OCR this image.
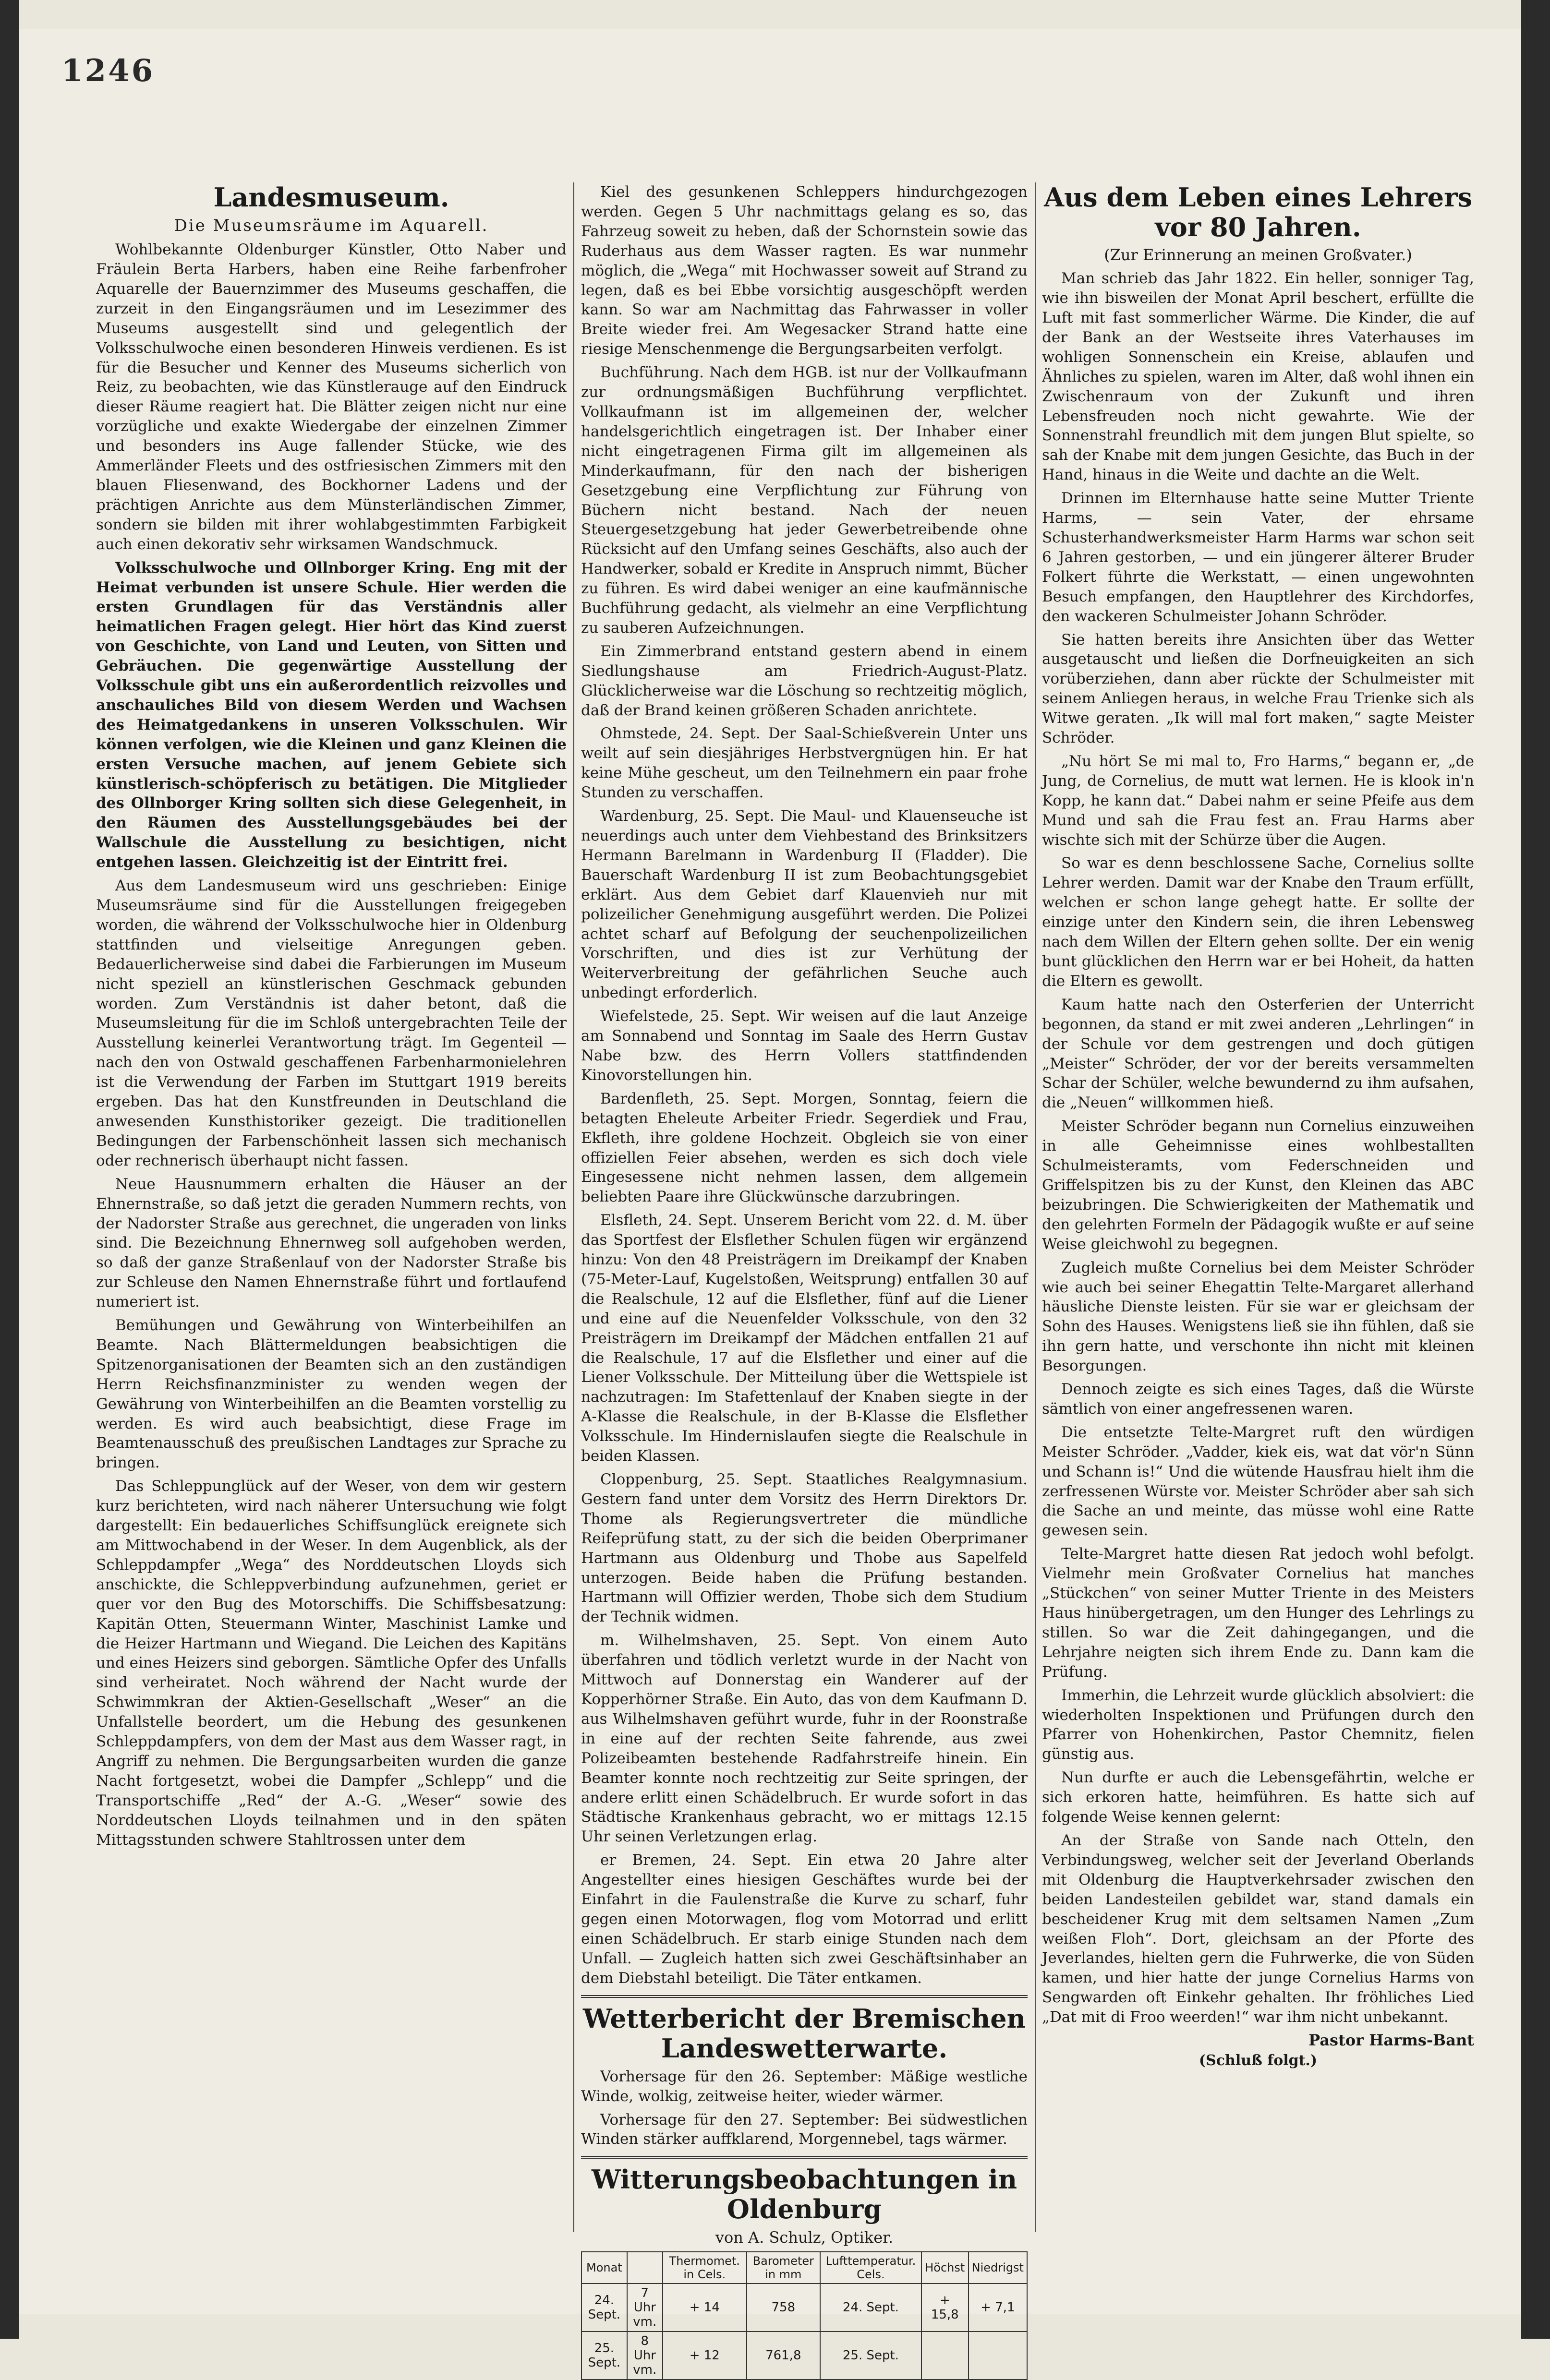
1246
Landesmuseum.
Die Museumsräume im Aquarell.

Wohlbekannte Oldenburger Künstler, Otto Naber und Fräulein Berta Harbers, haben eine Reihe farbenfroher Aquarelle der Bauernzimmer des Museums geschaffen, die zurzeit in den Eingangsräumen und im Lesezimmer des Museums ausgestellt sind und gelegentlich der Volksschulwoche einen besonderen Hinweis verdienen. Es ist für die Besucher und Kenner des Museums sicherlich von Reiz, zu beobachten, wie das Künstlerauge auf den Eindruck dieser Räume reagiert hat. Die Blätter zeigen nicht nur eine vorzügliche und exakte Wiedergabe der einzelnen Zimmer und besonders ins Auge fallender Stücke, wie des Ammerländer Fleets und des ostfriesischen Zimmers mit den blauen Fliesenwand, des Bockhorner Ladens und der prächtigen Anrichte aus dem Münsterländischen Zimmer, sondern sie bilden mit ihrer wohlabgestimmten Farbigkeit auch einen dekorativ sehr wirksamen Wandschmuck.

Volksschulwoche und Ollnborger Kring. Eng mit der Heimat verbunden ist unsere Schule. Hier werden die ersten Grundlagen für das Verständnis aller heimatlichen Fragen gelegt. Hier hört das Kind zuerst von Geschichte, von Land und Leuten, von Sitten und Gebräuchen. Die gegenwärtige Ausstellung der Volksschule gibt uns ein außerordentlich reizvolles und anschauliches Bild von diesem Werden und Wachsen des Heimatgedankens in unseren Volksschulen. Wir können verfolgen, wie die Kleinen und ganz Kleinen die ersten Versuche machen, auf jenem Gebiete sich künstlerisch-schöpferisch zu betätigen. Die Mitglieder des Ollnborger Kring sollten sich diese Gelegenheit, in den Räumen des Ausstellungsgebäudes bei der Wallschule die Ausstellung zu besichtigen, nicht entgehen lassen. Gleichzeitig ist der Eintritt frei.

Aus dem Landesmuseum wird uns geschrieben: Einige Museumsräume sind für die Ausstellungen freigegeben worden, die während der Volksschulwoche hier in Oldenburg stattfinden und vielseitige Anregungen geben. Bedauerlicherweise sind dabei die Farbierungen im Museum nicht speziell an künstlerischen Geschmack gebunden worden. Zum Verständnis ist daher betont, daß die Museumsleitung für die im Schloß untergebrachten Teile der Ausstellung keinerlei Verantwortung trägt. Im Gegenteil — nach den von Ostwald geschaffenen Farbenharmonielehren ist die Verwendung der Farben im Stuttgart 1919 bereits ergeben. Das hat den Kunstfreunden in Deutschland die anwesenden Kunsthistoriker gezeigt. Die traditionellen Bedingungen der Farbenschönheit lassen sich mechanisch oder rechnerisch überhaupt nicht fassen.

Neue Hausnummern erhalten die Häuser an der Ehnernstraße, so daß jetzt die geraden Nummern rechts, von der Nadorster Straße aus gerechnet, die ungeraden von links sind. Die Bezeichnung Ehnernweg soll aufgehoben werden, so daß der ganze Straßenlauf von der Nadorster Straße bis zur Schleuse den Namen Ehnernstraße führt und fortlaufend numeriert ist.

Bemühungen und Gewährung von Winterbeihilfen an Beamte. Nach Blättermeldungen beabsichtigen die Spitzenorganisationen der Beamten sich an den zuständigen Herrn Reichsfinanzminister zu wenden wegen der Gewährung von Winterbeihilfen an die Beamten vorstellig zu werden. Es wird auch beabsichtigt, diese Frage im Beamtenausschuß des preußischen Landtages zur Sprache zu bringen.

Das Schleppunglück auf der Weser, von dem wir gestern kurz berichteten, wird nach näherer Untersuchung wie folgt dargestellt: Ein bedauerliches Schiffsunglück ereignete sich am Mittwochabend in der Weser. In dem Augenblick, als der Schleppdampfer „Wega“ des Norddeutschen Lloyds sich anschickte, die Schleppverbindung aufzunehmen, geriet er quer vor den Bug des Motorschiffs. Die Schiffsbesatzung: Kapitän Otten, Steuermann Winter, Maschinist Lamke und die Heizer Hartmann und Wiegand. Die Leichen des Kapitäns und eines Heizers sind geborgen. Sämtliche Opfer des Unfalls sind verheiratet. Noch während der Nacht wurde der Schwimmkran der Aktien-Gesellschaft „Weser“ an die Unfallstelle beordert, um die Hebung des gesunkenen Schleppdampfers, von dem der Mast aus dem Wasser ragt, in Angriff zu nehmen. Die Bergungsarbeiten wurden die ganze Nacht fortgesetzt, wobei die Dampfer „Schlepp“ und die Transportschiffe „Red“ der A.-G. „Weser“ sowie des Norddeutschen Lloyds teilnahmen und in den späten Mittagsstunden schwere Stahltrossen unter dem

Kiel des gesunkenen Schleppers hindurchgezogen werden. Gegen 5 Uhr nachmittags gelang es so, das Fahrzeug soweit zu heben, daß der Schornstein sowie das Ruderhaus aus dem Wasser ragten. Es war nunmehr möglich, die „Wega“ mit Hochwasser soweit auf Strand zu legen, daß es bei Ebbe vorsichtig ausgeschöpft werden kann. So war am Nachmittag das Fahrwasser in voller Breite wieder frei. Am Wegesacker Strand hatte eine riesige Menschenmenge die Bergungsarbeiten verfolgt.

Buchführung. Nach dem HGB. ist nur der Vollkaufmann zur ordnungsmäßigen Buchführung verpflichtet. Vollkaufmann ist im allgemeinen der, welcher handelsgerichtlich eingetragen ist. Der Inhaber einer nicht eingetragenen Firma gilt im allgemeinen als Minderkaufmann, für den nach der bisherigen Gesetzgebung eine Verpflichtung zur Führung von Büchern nicht bestand. Nach der neuen Steuergesetzgebung hat jeder Gewerbetreibende ohne Rücksicht auf den Umfang seines Geschäfts, also auch der Handwerker, sobald er Kredite in Anspruch nimmt, Bücher zu führen. Es wird dabei weniger an eine kaufmännische Buchführung gedacht, als vielmehr an eine Verpflichtung zu sauberen Aufzeichnungen.

Ein Zimmerbrand entstand gestern abend in einem Siedlungshause am Friedrich-August-Platz. Glücklicherweise war die Löschung so rechtzeitig möglich, daß der Brand keinen größeren Schaden anrichtete.

Ohmstede, 24. Sept. Der Saal-Schießverein Unter uns weilt auf sein diesjähriges Herbstvergnügen hin. Er hat keine Mühe gescheut, um den Teilnehmern ein paar frohe Stunden zu verschaffen.

Wardenburg, 25. Sept. Die Maul- und Klauenseuche ist neuerdings auch unter dem Viehbestand des Brinksitzers Hermann Barelmann in Wardenburg II (Fladder). Die Bauerschaft Wardenburg II ist zum Beobachtungsgebiet erklärt. Aus dem Gebiet darf Klauenvieh nur mit polizeilicher Genehmigung ausgeführt werden. Die Polizei achtet scharf auf Befolgung der seuchenpolizeilichen Vorschriften, und dies ist zur Verhütung der Weiterverbreitung der gefährlichen Seuche auch unbedingt erforderlich.

Wiefelstede, 25. Sept. Wir weisen auf die laut Anzeige am Sonnabend und Sonntag im Saale des Herrn Gustav Nabe bzw. des Herrn Vollers stattfindenden Kinovorstellungen hin.

Bardenfleth, 25. Sept. Morgen, Sonntag, feiern die betagten Eheleute Arbeiter Friedr. Segerdiek und Frau, Ekfleth, ihre goldene Hochzeit. Obgleich sie von einer offiziellen Feier absehen, werden es sich doch viele Eingesessene nicht nehmen lassen, dem allgemein beliebten Paare ihre Glückwünsche darzubringen.

Elsfleth, 24. Sept. Unserem Bericht vom 22. d. M. über das Sportfest der Elsflether Schulen fügen wir ergänzend hinzu: Von den 48 Preisträgern im Dreikampf der Knaben (75-Meter-Lauf, Kugelstoßen, Weitsprung) entfallen 30 auf die Realschule, 12 auf die Elsflether, fünf auf die Liener und eine auf die Neuenfelder Volksschule, von den 32 Preisträgern im Dreikampf der Mädchen entfallen 21 auf die Realschule, 17 auf die Elsflether und einer auf die Liener Volksschule. Der Mitteilung über die Wettspiele ist nachzutragen: Im Stafettenlauf der Knaben siegte in der A-Klasse die Realschule, in der B-Klasse die Elsflether Volksschule. Im Hindernislaufen siegte die Realschule in beiden Klassen.

Cloppenburg, 25. Sept. Staatliches Realgymnasium. Gestern fand unter dem Vorsitz des Herrn Direktors Dr. Thome als Regierungsvertreter die mündliche Reifeprüfung statt, zu der sich die beiden Oberprimaner Hartmann aus Oldenburg und Thobe aus Sapelfeld unterzogen. Beide haben die Prüfung bestanden. Hartmann will Offizier werden, Thobe sich dem Studium der Technik widmen.

m. Wilhelmshaven, 25. Sept. Von einem Auto überfahren und tödlich verletzt wurde in der Nacht von Mittwoch auf Donnerstag ein Wanderer auf der Kopperhörner Straße. Ein Auto, das von dem Kaufmann D. aus Wilhelmshaven geführt wurde, fuhr in der Roonstraße in eine auf der rechten Seite fahrende, aus zwei Polizeibeamten bestehende Radfahrstreife hinein. Ein Beamter konnte noch rechtzeitig zur Seite springen, der andere erlitt einen Schädelbruch. Er wurde sofort in das Städtische Krankenhaus gebracht, wo er mittags 12.15 Uhr seinen Verletzungen erlag.

er Bremen, 24. Sept. Ein etwa 20 Jahre alter Angestellter eines hiesigen Geschäftes wurde bei der Einfahrt in die Faulenstraße die Kurve zu scharf, fuhr gegen einen Motorwagen, flog vom Motorrad und erlitt einen Schädelbruch. Er starb einige Stunden nach dem Unfall. — Zugleich hatten sich zwei Geschäftsinhaber an dem Diebstahl beteiligt. Die Täter entkamen.

Wetterbericht der Bremischen Landeswetterwarte.

Vorhersage für den 26. September: Mäßige westliche Winde, wolkig, zeitweise heiter, wieder wärmer.

Vorhersage für den 27. September: Bei südwestlichen Winden stärker auffklarend, Morgennebel, tags wärmer.

Witterungsbeobachtungen in Oldenburg
von A. Schulz, Optiker.
Monat		Thermomet. in Cels.	Barometer in mm	Lufttemperatur. Cels.	Höchst	Niedrigst
24. Sept.	7 Uhr vm.	+ 14	758	24. Sept.	+ 15,8	+ 7,1
25. Sept.	8 Uhr vm.	+ 12	761,8	25. Sept.		
Aus dem Leben eines Lehrers vor 80 Jahren.
(Zur Erinnerung an meinen Großvater.)

Man schrieb das Jahr 1822. Ein heller, sonniger Tag, wie ihn bisweilen der Monat April beschert, erfüllte die Luft mit fast sommerlicher Wärme. Die Kinder, die auf der Bank an der Westseite ihres Vaterhauses im wohligen Sonnenschein ein Kreise, ablaufen und Ähnliches zu spielen, waren im Alter, daß wohl ihnen ein Zwischenraum von der Zukunft und ihren Lebensfreuden noch nicht gewahrte. Wie der Sonnenstrahl freundlich mit dem jungen Blut spielte, so sah der Knabe mit dem jungen Gesichte, das Buch in der Hand, hinaus in die Weite und dachte an die Welt.

Drinnen im Elternhause hatte seine Mutter Triente Harms, — sein Vater, der ehrsame Schusterhandwerksmeister Harm Harms war schon seit 6 Jahren gestorben, — und ein jüngerer älterer Bruder Folkert führte die Werkstatt, — einen ungewohnten Besuch empfangen, den Hauptlehrer des Kirchdorfes, den wackeren Schulmeister Johann Schröder.

Sie hatten bereits ihre Ansichten über das Wetter ausgetauscht und ließen die Dorfneuigkeiten an sich vorüberziehen, dann aber rückte der Schulmeister mit seinem Anliegen heraus, in welche Frau Trienke sich als Witwe geraten. „Ik will mal fort maken,“ sagte Meister Schröder.

„Nu hört Se mi mal to, Fro Harms,“ begann er, „de Jung, de Cornelius, de mutt wat lernen. He is klook in'n Kopp, he kann dat.“ Dabei nahm er seine Pfeife aus dem Mund und sah die Frau fest an. Frau Harms aber wischte sich mit der Schürze über die Augen.

So war es denn beschlossene Sache, Cornelius sollte Lehrer werden. Damit war der Knabe den Traum erfüllt, welchen er schon lange gehegt hatte. Er sollte der einzige unter den Kindern sein, die ihren Lebensweg nach dem Willen der Eltern gehen sollte. Der ein wenig bunt glücklichen den Herrn war er bei Hoheit, da hatten die Eltern es gewollt.

Kaum hatte nach den Osterferien der Unterricht begonnen, da stand er mit zwei anderen „Lehrlingen“ in der Schule vor dem gestrengen und doch gütigen „Meister“ Schröder, der vor der bereits versammelten Schar der Schüler, welche bewundernd zu ihm aufsahen, die „Neuen“ willkommen hieß.

Meister Schröder begann nun Cornelius einzuweihen in alle Geheimnisse eines wohlbestallten Schulmeisteramts, vom Federschneiden und Griffelspitzen bis zu der Kunst, den Kleinen das ABC beizubringen. Die Schwierigkeiten der Mathematik und den gelehrten Formeln der Pädagogik wußte er auf seine Weise gleichwohl zu begegnen.

Zugleich mußte Cornelius bei dem Meister Schröder wie auch bei seiner Ehegattin Telte-Margaret allerhand häusliche Dienste leisten. Für sie war er gleichsam der Sohn des Hauses. Wenigstens ließ sie ihn fühlen, daß sie ihn gern hatte, und verschonte ihn nicht mit kleinen Besorgungen.

Dennoch zeigte es sich eines Tages, daß die Würste sämtlich von einer angefressenen waren.

Die entsetzte Telte-Margret ruft den würdigen Meister Schröder. „Vadder, kiek eis, wat dat vör'n Sünn und Schann is!“ Und die wütende Hausfrau hielt ihm die zerfressenen Würste vor. Meister Schröder aber sah sich die Sache an und meinte, das müsse wohl eine Ratte gewesen sein.

Telte-Margret hatte diesen Rat jedoch wohl befolgt. Vielmehr mein Großvater Cornelius hat manches „Stückchen“ von seiner Mutter Triente in des Meisters Haus hinübergetragen, um den Hunger des Lehrlings zu stillen. So war die Zeit dahingegangen, und die Lehrjahre neigten sich ihrem Ende zu. Dann kam die Prüfung.

Immerhin, die Lehrzeit wurde glücklich absolviert: die wiederholten Inspektionen und Prüfungen durch den Pfarrer von Hohenkirchen, Pastor Chemnitz, fielen günstig aus.

Nun durfte er auch die Lebensgefährtin, welche er sich erkoren hatte, heimführen. Es hatte sich auf folgende Weise kennen gelernt:

An der Straße von Sande nach Otteln, den Verbindungsweg, welcher seit der Jeverland Oberlands mit Oldenburg die Hauptverkehrsader zwischen den beiden Landesteilen gebildet war, stand damals ein bescheidener Krug mit dem seltsamen Namen „Zum weißen Floh“. Dort, gleichsam an der Pforte des Jeverlandes, hielten gern die Fuhrwerke, die von Süden kamen, und hier hatte der junge Cornelius Harms von Sengwarden oft Einkehr gehalten. Ihr fröhliches Lied „Dat mit di Froo weerden!“ war ihm nicht unbekannt.

Pastor Harms-Bant
(Schluß folgt.)
